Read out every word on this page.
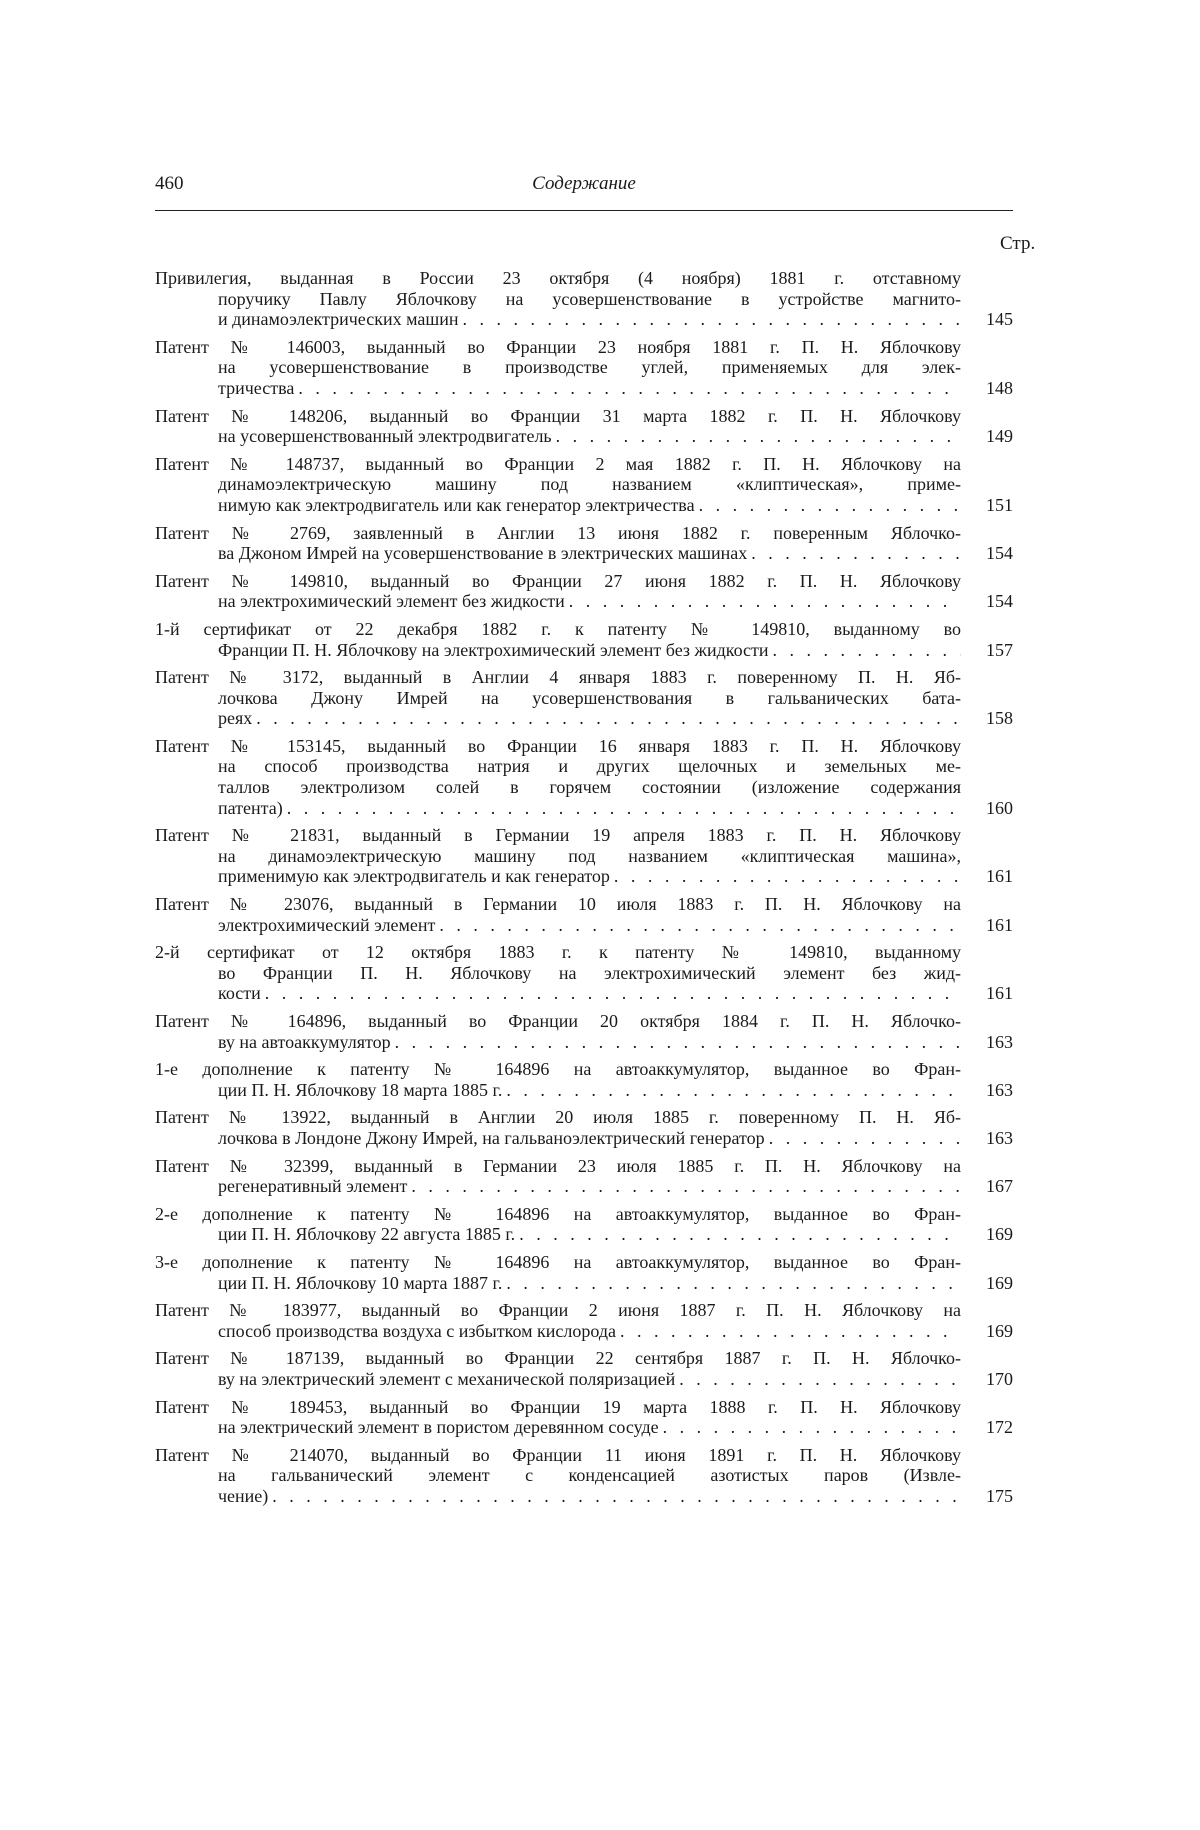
460	Содержание
Стр.
Привилегия, выданная в России 23 октября (4 ноября) 1881 г. отставному
поручику Павлу Яблочкову на усовершенствование в устройстве магнито-
и динамоэлектрических машин . . .	145
Патент № 146003, выданный во Франции 23 ноября 1881 г. П. Н. Яблочкову
на усовершенствование в производстве углей, применяемых для элек-
тричества . . .	148
Патент № 148206, выданный во Франции 31 марта 1882 г. П. Н. Яблочкову
на усовершенствованный электродвигатель . . .	149
Патент № 148737, выданный во Франции 2 мая 1882 г. П. Н. Яблочкову на
динамоэлектрическую машину под названием «клиптическая», приме-
нимую как электродвигатель или как генератор электричества . . .	151
Патент № 2769, заявленный в Англии 13 июня 1882 г. поверенным Яблочко-
ва Джоном Имрей на усовершенствование в электрических машинах . . .	154
Патент № 149810, выданный во Франции 27 июня 1882 г. П. Н. Яблочкову
на электрохимический элемент без жидкости . . .	154
1-й сертификат от 22 декабря 1882 г. к патенту № 149810, выданному во
Франции П. Н. Яблочкову на электрохимический элемент без жидкости . . .	157
Патент № 3172, выданный в Англии 4 января 1883 г. поверенному П. Н. Яб-
лочкова Джону Имрей на усовершенствования в гальванических бата-
реях . . .	158
Патент № 153145, выданный во Франции 16 января 1883 г. П. Н. Яблочкову
на способ производства натрия и других щелочных и земельных ме-
таллов электролизом солей в горячем состоянии (изложение содержания
патента) . . .	160
Патент № 21831, выданный в Германии 19 апреля 1883 г. П. Н. Яблочкову
на динамоэлектрическую машину под названием «клиптическая машина»,
применимую как электродвигатель и как генератор . . .	161
Патент № 23076, выданный в Германии 10 июля 1883 г. П. Н. Яблочкову на
электрохимический элемент . . .	161
2-й сертификат от 12 октября 1883 г. к патенту № 149810, выданному
во Франции П. Н. Яблочкову на электрохимический элемент без жид-
кости . . .	161
Патент № 164896, выданный во Франции 20 октября 1884 г. П. Н. Яблочко-
ву на автоаккумулятор . . .	163
1-е дополнение к патенту № 164896 на автоаккумулятор, выданное во Фран-
ции П. Н. Яблочкову 18 марта 1885 г. . . .	163
Патент № 13922, выданный в Англии 20 июля 1885 г. поверенному П. Н. Яб-
лочкова в Лондоне Джону Имрей, на гальваноэлектрический генератор . . .	163
Патент № 32399, выданный в Германии 23 июля 1885 г. П. Н. Яблочкову на
регенеративный элемент . . .	167
2-е дополнение к патенту № 164896 на автоаккумулятор, выданное во Фран-
ции П. Н. Яблочкову 22 августа 1885 г. . . .	169
3-е дополнение к патенту № 164896 на автоаккумулятор, выданное во Фран-
ции П. Н. Яблочкову 10 марта 1887 г. . . .	169
Патент № 183977, выданный во Франции 2 июня 1887 г. П. Н. Яблочкову на
способ производства воздуха с избытком кислорода . . .	169
Патент № 187139, выданный во Франции 22 сентября 1887 г. П. Н. Яблочко-
ву на электрический элемент с механической поляризацией . . .	170
Патент № 189453, выданный во Франции 19 марта 1888 г. П. Н. Яблочкову
на электрический элемент в пористом деревянном сосуде . . .	172
Патент № 214070, выданный во Франции 11 июня 1891 г. П. Н. Яблочкову
на гальванический элемент с конденсацией азотистых паров (Извле-
чение) . . .	175
